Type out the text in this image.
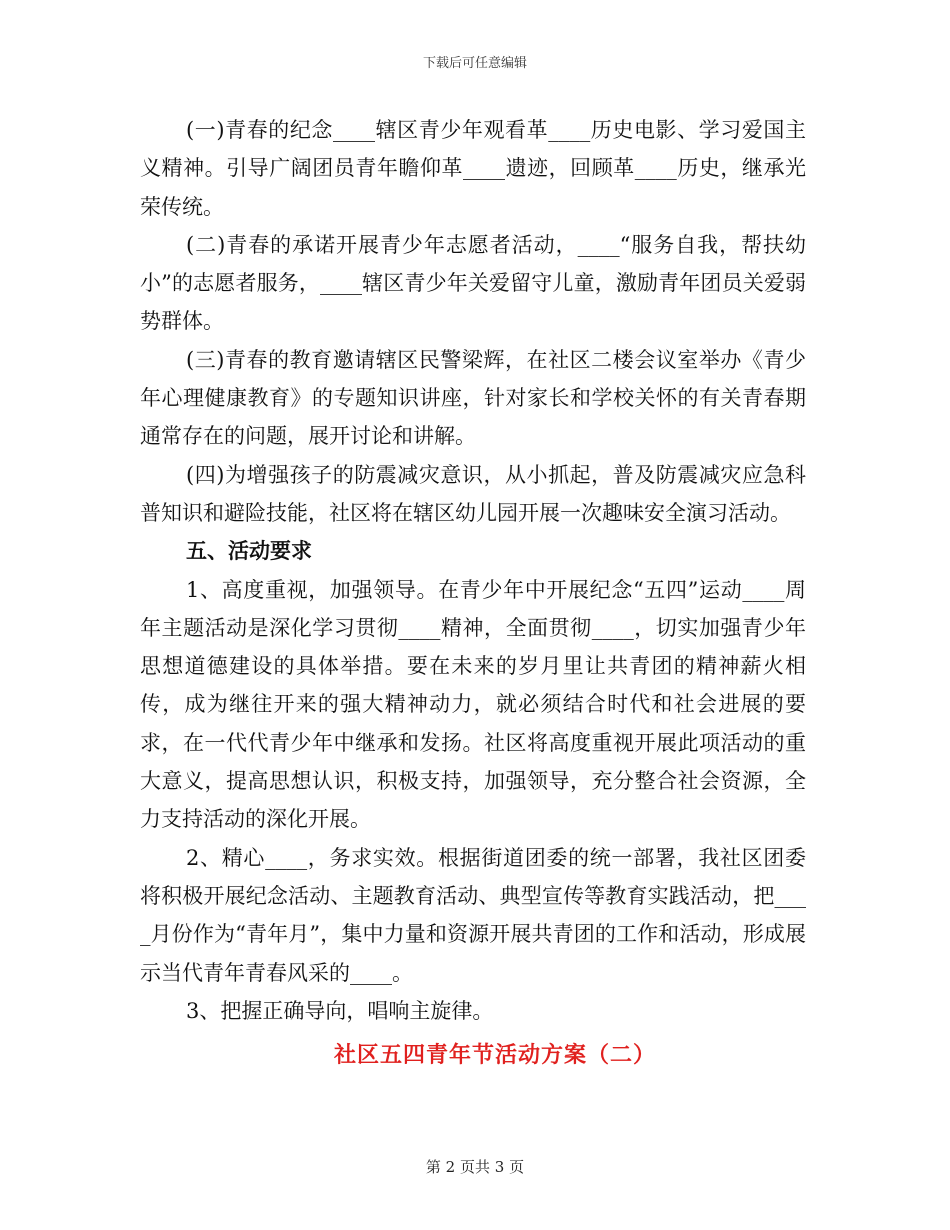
下载后可任意编辑

(一)青春的纪念____辖区青少年观看革____历史电影、学习爱国主义精神。引导广阔团员青年瞻仰革____遗迹，回顾革____历史，继承光荣传统。

(二)青春的承诺开展青少年志愿者活动，____“服务自我，帮扶幼小”的志愿者服务，____辖区青少年关爱留守儿童，激励青年团员关爱弱势群体。

(三)青春的教育邀请辖区民警梁辉，在社区二楼会议室举办《青少年心理健康教育》的专题知识讲座，针对家长和学校关怀的有关青春期通常存在的问题，展开讨论和讲解。

(四)为增强孩子的防震减灾意识，从小抓起，普及防震减灾应急科普知识和避险技能，社区将在辖区幼儿园开展一次趣味安全演习活动。

五、活动要求

1、高度重视，加强领导。在青少年中开展纪念“五四”运动____周年主题活动是深化学习贯彻____精神，全面贯彻____，切实加强青少年思想道德建设的具体举措。要在未来的岁月里让共青团的精神薪火相传，成为继往开来的强大精神动力，就必须结合时代和社会进展的要求，在一代代青少年中继承和发扬。社区将高度重视开展此项活动的重大意义，提高思想认识，积极支持，加强领导，充分整合社会资源，全力支持活动的深化开展。

2、精心____，务求实效。根据街道团委的统一部署，我社区团委将积极开展纪念活动、主题教育活动、典型宣传等教育实践活动，把____月份作为“青年月”，集中力量和资源开展共青团的工作和活动，形成展示当代青年青春风采的____。

3、把握正确导向，唱响主旋律。

社区五四青年节活动方案（二）
第 2 页共 3 页
